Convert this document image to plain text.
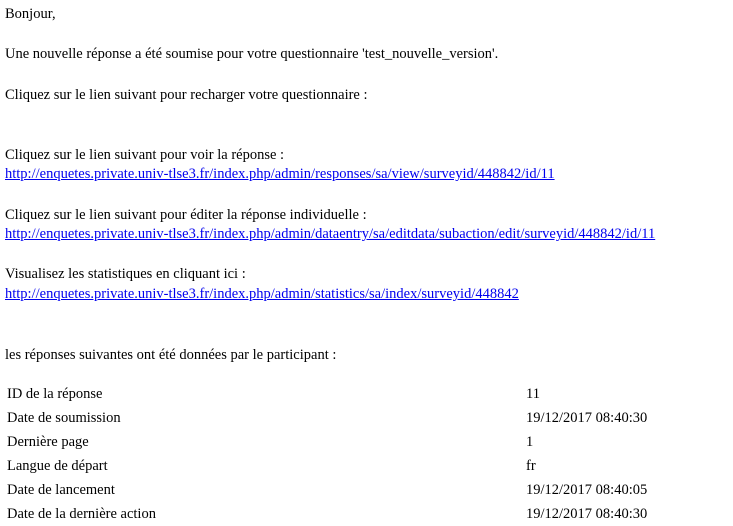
Bonjour,
Une nouvelle réponse a été soumise pour votre questionnaire 'test_nouvelle_version'.
Cliquez sur le lien suivant pour recharger votre questionnaire :
Cliquez sur le lien suivant pour voir la réponse :
http://enquetes.private.univ-tlse3.fr/index.php/admin/responses/sa/view/surveyid/448842/id/11
Cliquez sur le lien suivant pour éditer la réponse individuelle :
http://enquetes.private.univ-tlse3.fr/index.php/admin/dataentry/sa/editdata/subaction/edit/surveyid/448842/id/11
Visualisez les statistiques en cliquant ici :
http://enquetes.private.univ-tlse3.fr/index.php/admin/statistics/sa/index/surveyid/448842
les réponses suivantes ont été données par le participant :
ID de la réponse	11
Date de soumission	19/12/2017 08:40:30
Dernière page	1
Langue de départ	fr
Date de lancement	19/12/2017 08:40:05
Date de la dernière action	19/12/2017 08:40:30
